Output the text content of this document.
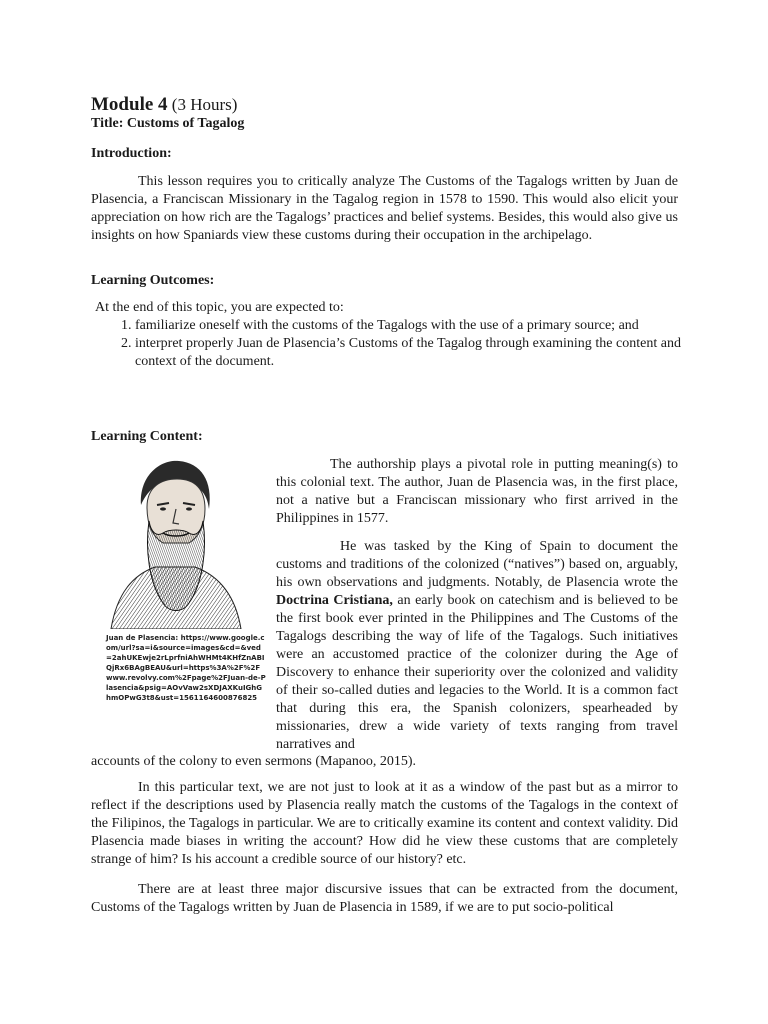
Module 4 (3 Hours)
Title: Customs of Tagalog
Introduction:

This lesson requires you to critically analyze The Customs of the Tagalogs written by Juan de Plasencia, a Franciscan Missionary in the Tagalog region in 1578 to 1590. This would also elicit your appreciation on how rich are the Tagalogs’ practices and belief systems. Besides, this would also give us insights on how Spaniards view these customs during their occupation in the archipelago.

Learning Outcomes:

At the end of this topic, you are expected to:

1. familiarize oneself with the customs of the Tagalogs with the use of a primary source; and
2. interpret properly Juan de Plasencia’s Customs of the Tagalog through examining the content and context of the document.
Learning Content:
Juan de Plasencia: https://www.google.com/url?sa=i&source=images&cd=&ved=2ahUKEwje2rLprfniAhWHMt4KHfZnABIQjRx6BAgBEAU&url=https%3A%2F%2Fwww.revolvy.com%2Fpage%2FJuan-de-Plasencia&psig=AOvVaw2sXDJAXKuIGhGhmOPwG3t8&ust=1561164600876825

The authorship plays a pivotal role in putting meaning(s) to this colonial text. The author, Juan de Plasencia was, in the first place, not a native but a Franciscan missionary who first arrived in the Philippines in 1577.

He was tasked by the King of Spain to document the customs and traditions of the colonized (“natives”) based on, arguably, his own observations and judgments. Notably, de Plasencia wrote the Doctrina Cristiana, an early book on catechism and is believed to be the first book ever printed in the Philippines and The Customs of the Tagalogs describing the way of life of the Tagalogs. Such initiatives were an accustomed practice of the colonizer during the Age of Discovery to enhance their superiority over the colonized and validity of their so-called duties and legacies to the World. It is a common fact that during this era, the Spanish colonizers, spearheaded by missionaries, drew a wide variety of texts ranging from travel narratives and

accounts of the colony to even sermons (Mapanoo, 2015).

In this particular text, we are not just to look at it as a window of the past but as a mirror to reflect if the descriptions used by Plasencia really match the customs of the Tagalogs in the context of the Filipinos, the Tagalogs in particular. We are to critically examine its content and context validity. Did Plasencia made biases in writing the account? How did he view these customs that are completely strange of him? Is his account a credible source of our history? etc.

There are at least three major discursive issues that can be extracted from the document, Customs of the Tagalogs written by Juan de Plasencia in 1589, if we are to put socio-political
